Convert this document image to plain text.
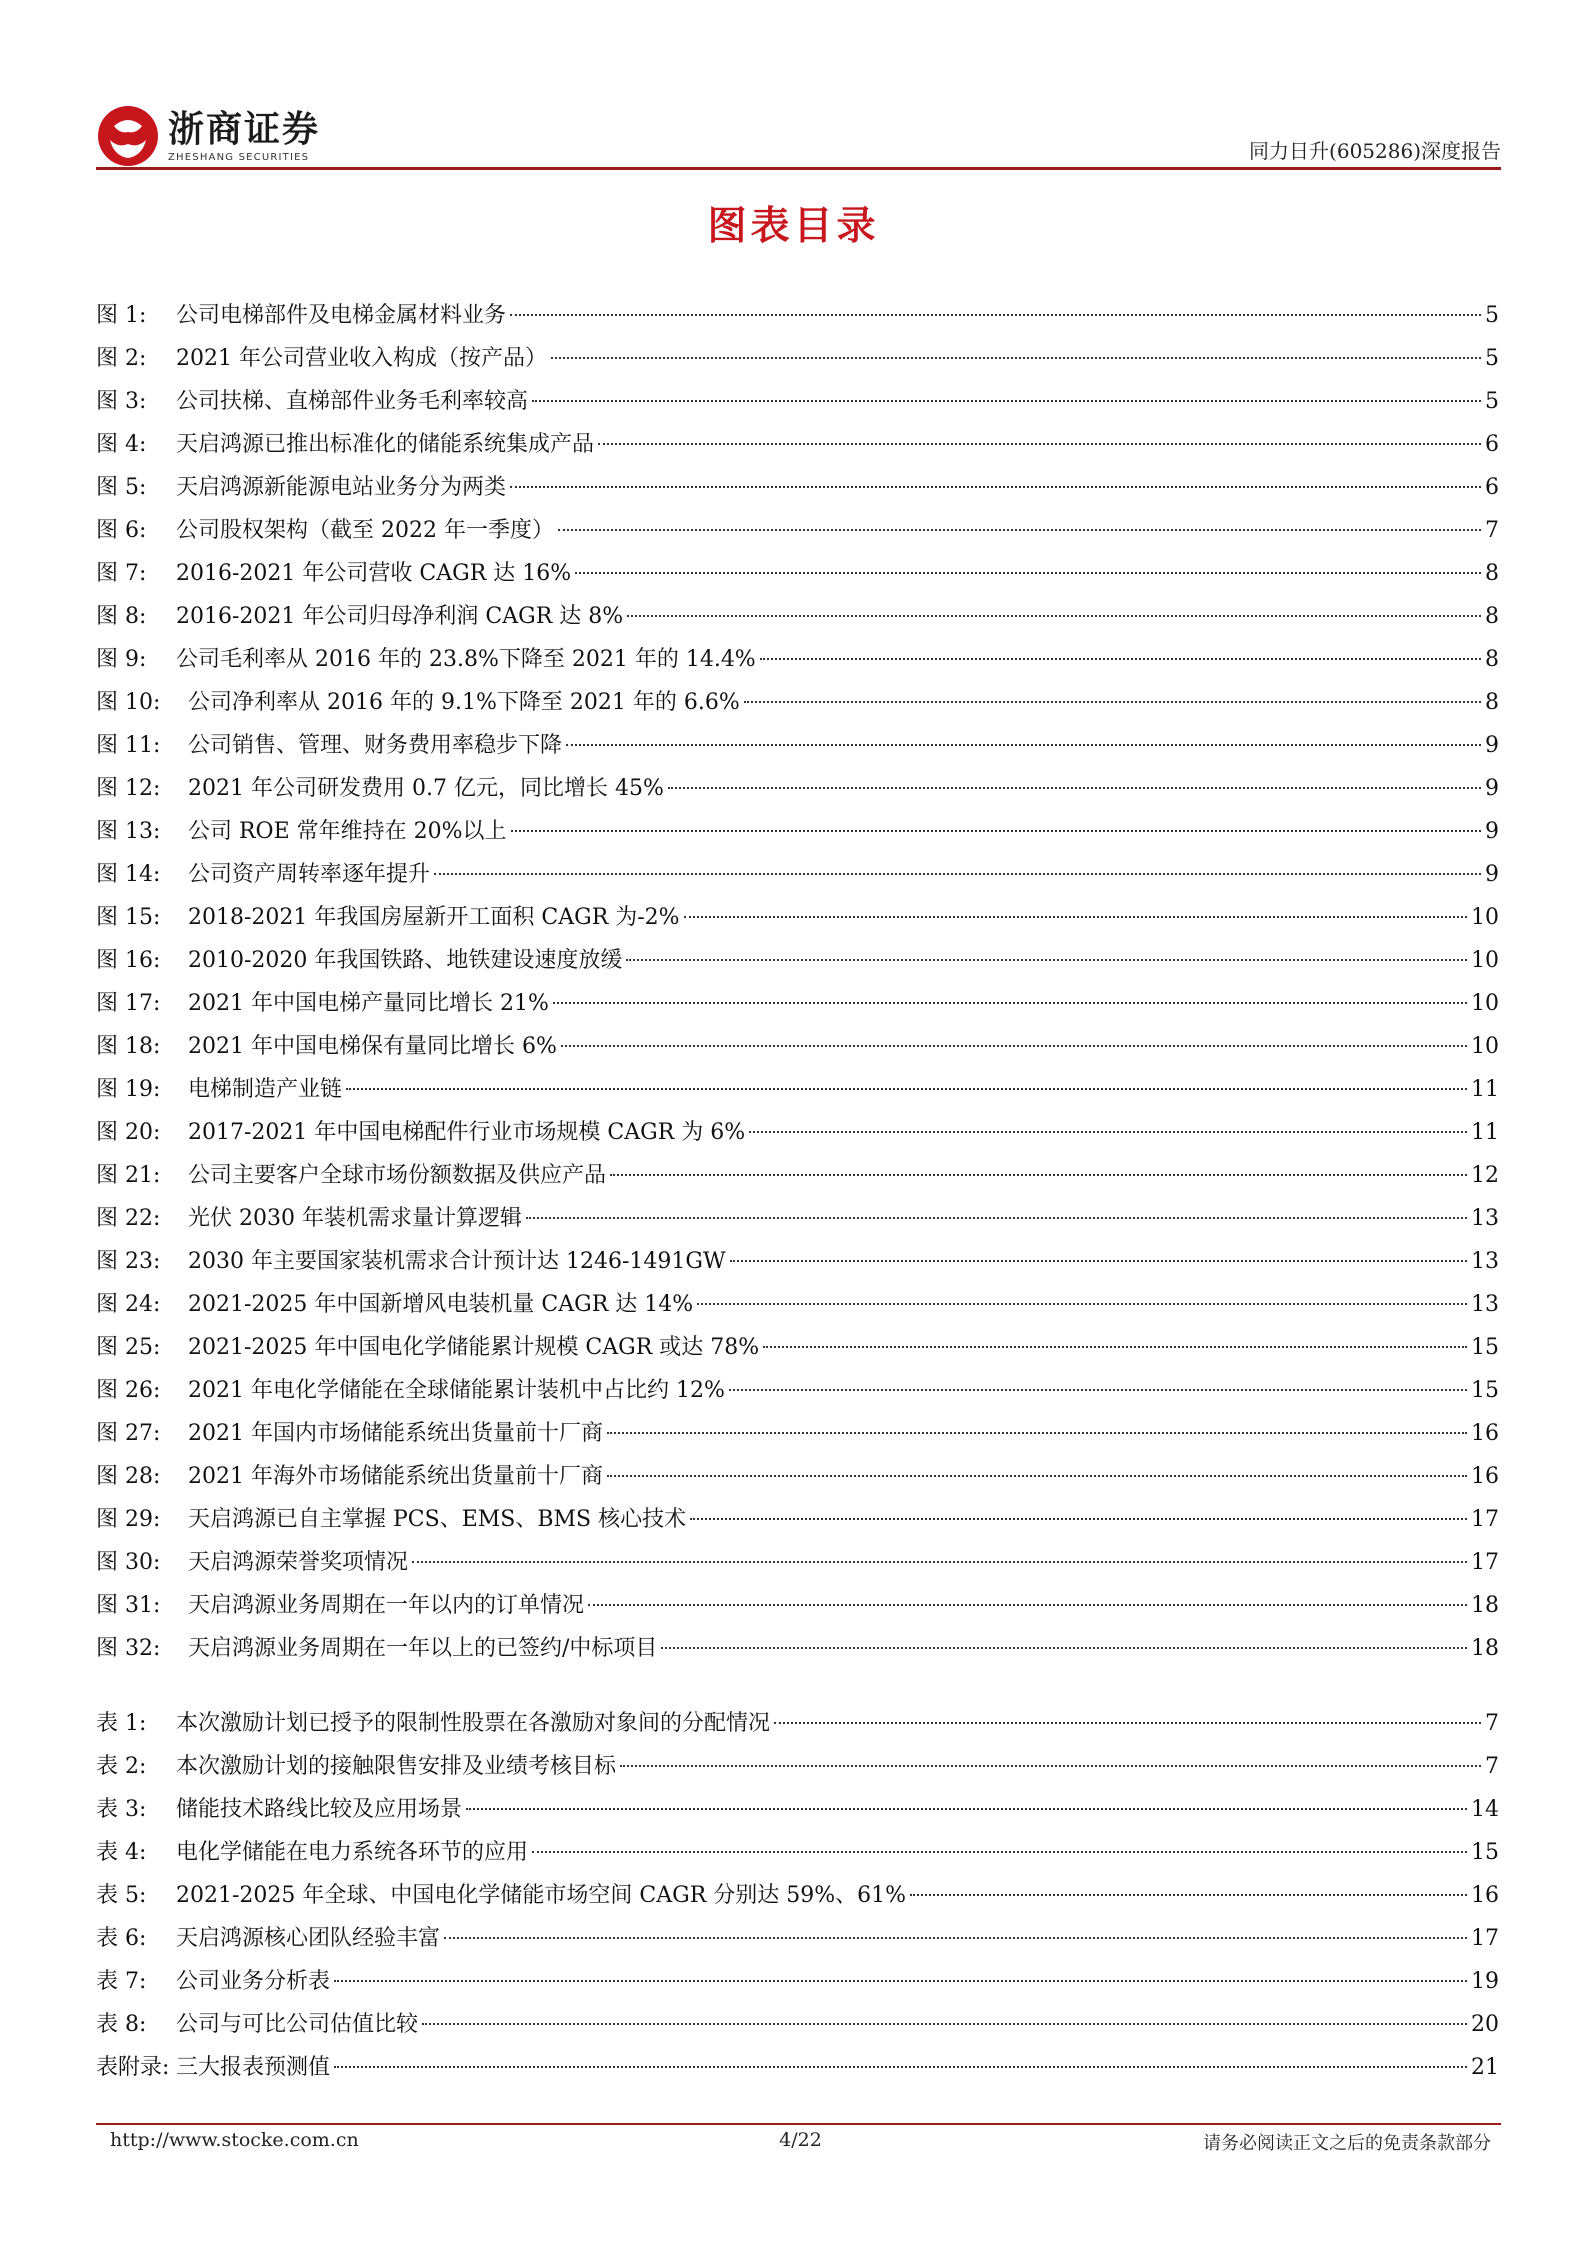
浙商证券
ZHESHANG SECURITIES	同力日升(605286)深度报告
图表目录
图 1:	公司电梯部件及电梯金属材料业务	5
图 2:	2021 年公司营业收入构成（按产品）	5
图 3:	公司扶梯、直梯部件业务毛利率较高	5
图 4:	天启鸿源已推出标准化的储能系统集成产品	6
图 5:	天启鸿源新能源电站业务分为两类	6
图 6:	公司股权架构（截至 2022 年一季度）	7
图 7:	2016-2021 年公司营收 CAGR 达 16%	8
图 8:	2016-2021 年公司归母净利润 CAGR 达 8%	8
图 9:	公司毛利率从 2016 年的 23.8%下降至 2021 年的 14.4%	8
图 10:	公司净利率从 2016 年的 9.1%下降至 2021 年的 6.6%	8
图 11:	公司销售、管理、财务费用率稳步下降	9
图 12:	2021 年公司研发费用 0.7 亿元，同比增长 45%	9
图 13:	公司 ROE 常年维持在 20%以上	9
图 14:	公司资产周转率逐年提升	9
图 15:	2018-2021 年我国房屋新开工面积 CAGR 为-2%	10
图 16:	2010-2020 年我国铁路、地铁建设速度放缓	10
图 17:	2021 年中国电梯产量同比增长 21%	10
图 18:	2021 年中国电梯保有量同比增长 6%	10
图 19:	电梯制造产业链	11
图 20:	2017-2021 年中国电梯配件行业市场规模 CAGR 为 6%	11
图 21:	公司主要客户全球市场份额数据及供应产品	12
图 22:	光伏 2030 年装机需求量计算逻辑	13
图 23:	2030 年主要国家装机需求合计预计达 1246-1491GW	13
图 24:	2021-2025 年中国新增风电装机量 CAGR 达 14%	13
图 25:	2021-2025 年中国电化学储能累计规模 CAGR 或达 78%	15
图 26:	2021 年电化学储能在全球储能累计装机中占比约 12%	15
图 27:	2021 年国内市场储能系统出货量前十厂商	16
图 28:	2021 年海外市场储能系统出货量前十厂商	16
图 29:	天启鸿源已自主掌握 PCS、EMS、BMS 核心技术	17
图 30:	天启鸿源荣誉奖项情况	17
图 31:	天启鸿源业务周期在一年以内的订单情况	18
图 32:	天启鸿源业务周期在一年以上的已签约/中标项目	18
表 1:	本次激励计划已授予的限制性股票在各激励对象间的分配情况	7
表 2:	本次激励计划的接触限售安排及业绩考核目标	7
表 3:	储能技术路线比较及应用场景	14
表 4:	电化学储能在电力系统各环节的应用	15
表 5:	2021-2025 年全球、中国电化学储能市场空间 CAGR 分别达 59%、61%	16
表 6:	天启鸿源核心团队经验丰富	17
表 7:	公司业务分析表	19
表 8:	公司与可比公司估值比较	20
表附录: 三大报表预测值	21
http://www.stocke.com.cn	4/22	请务必阅读正文之后的免责条款部分
